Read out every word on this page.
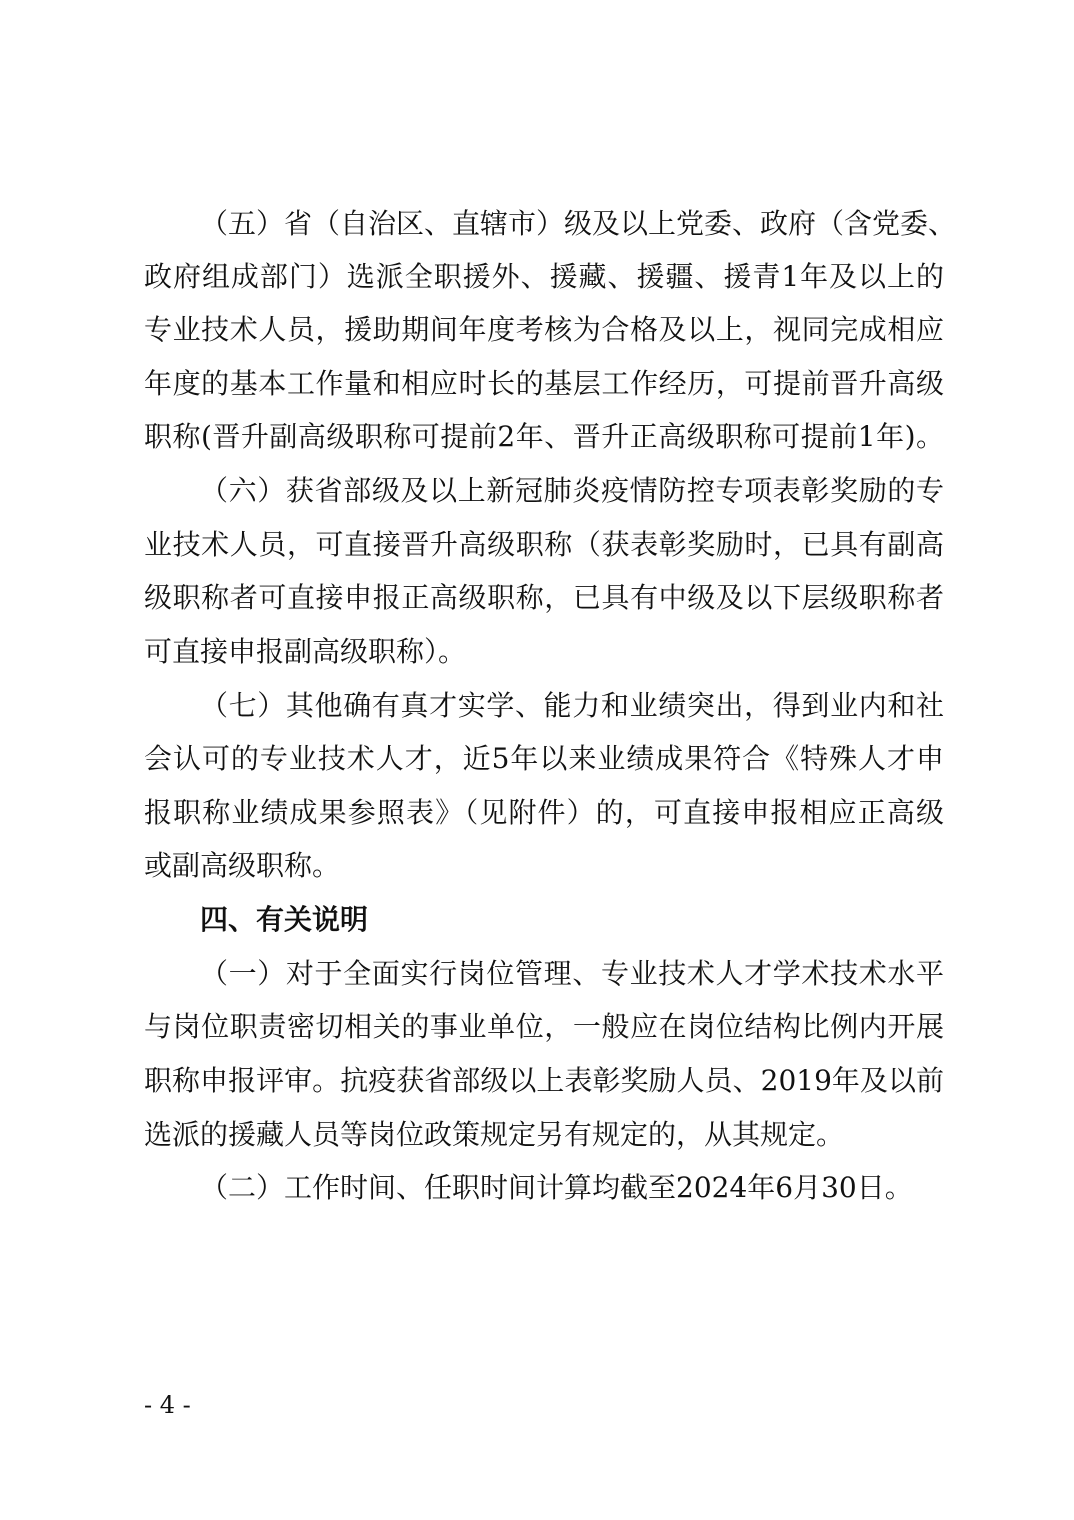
（五）省（自治区、直辖市）级及以上党委、政府（含党委、
政府组成部门）选派全职援外、援藏、援疆、援青1年及以上的
专业技术人员，援助期间年度考核为合格及以上，视同完成相应
年度的基本工作量和相应时长的基层工作经历，可提前晋升高级
职称(晋升副高级职称可提前2年、晋升正高级职称可提前1年)。
（六）获省部级及以上新冠肺炎疫情防控专项表彰奖励的专
业技术人员，可直接晋升高级职称（获表彰奖励时，已具有副高
级职称者可直接申报正高级职称，已具有中级及以下层级职称者
可直接申报副高级职称）。
（七）其他确有真才实学、能力和业绩突出，得到业内和社
会认可的专业技术人才，近5年以来业绩成果符合《特殊人才申
报职称业绩成果参照表》（见附件）的，可直接申报相应正高级
或副高级职称。
四、有关说明
（一）对于全面实行岗位管理、专业技术人才学术技术水平
与岗位职责密切相关的事业单位，一般应在岗位结构比例内开展
职称申报评审。抗疫获省部级以上表彰奖励人员、2019年及以前
选派的援藏人员等岗位政策规定另有规定的，从其规定。
（二）工作时间、任职时间计算均截至2024年6月30日。
- 4 -
